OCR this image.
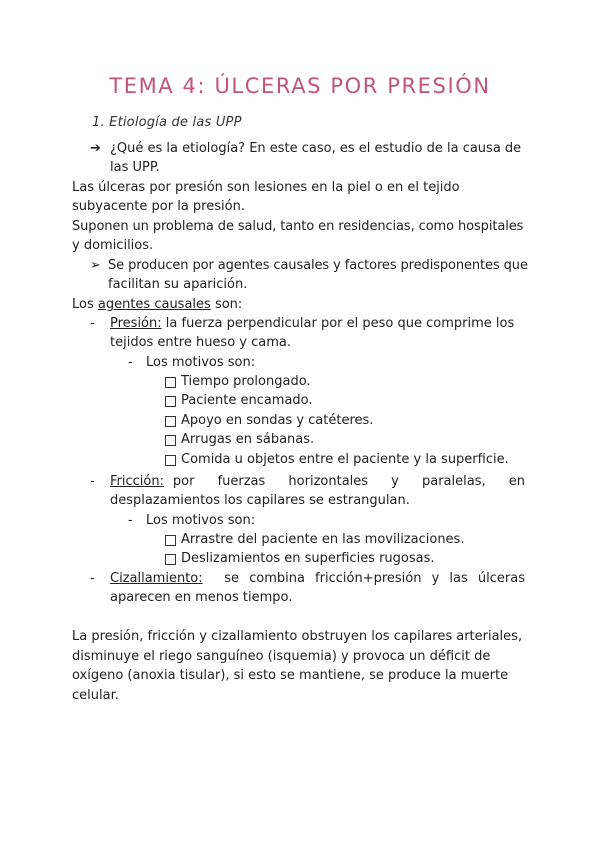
TEMA 4: ÚLCERAS POR PRESIÓN
1. Etiología de las UPP
➔ ¿Qué es la etiología? En este caso, es el estudio de la causa de
las UPP.
Las úlceras por presión son lesiones en la piel o en el tejido
subyacente por la presión.
Suponen un problema de salud, tanto en residencias, como hospitales
y domicilios.
➢ Se producen por agentes causales y factores predisponentes que
facilitan su aparición.
Los agentes causales son:
- Presión: la fuerza perpendicular por el peso que comprime los
tejidos entre hueso y cama.
- Los motivos son:
Tiempo prolongado.
Paciente encamado.
Apoyo en sondas y catéteres.
Arrugas en sábanas.
Comida u objetos entre el paciente y la superficie.
- Fricción: por fuerzas horizontales y paralelas, en
desplazamientos los capilares se estrangulan.
- Los motivos son:
Arrastre del paciente en las movilizaciones.
Deslizamientos en superficies rugosas.
- Cizallamiento: se combina fricción+presión y las úlceras
aparecen en menos tiempo.
La presión, fricción y cizallamiento obstruyen los capilares arteriales,
disminuye el riego sanguíneo (isquemia) y provoca un déficit de
oxígeno (anoxia tisular), si esto se mantiene, se produce la muerte
celular.
